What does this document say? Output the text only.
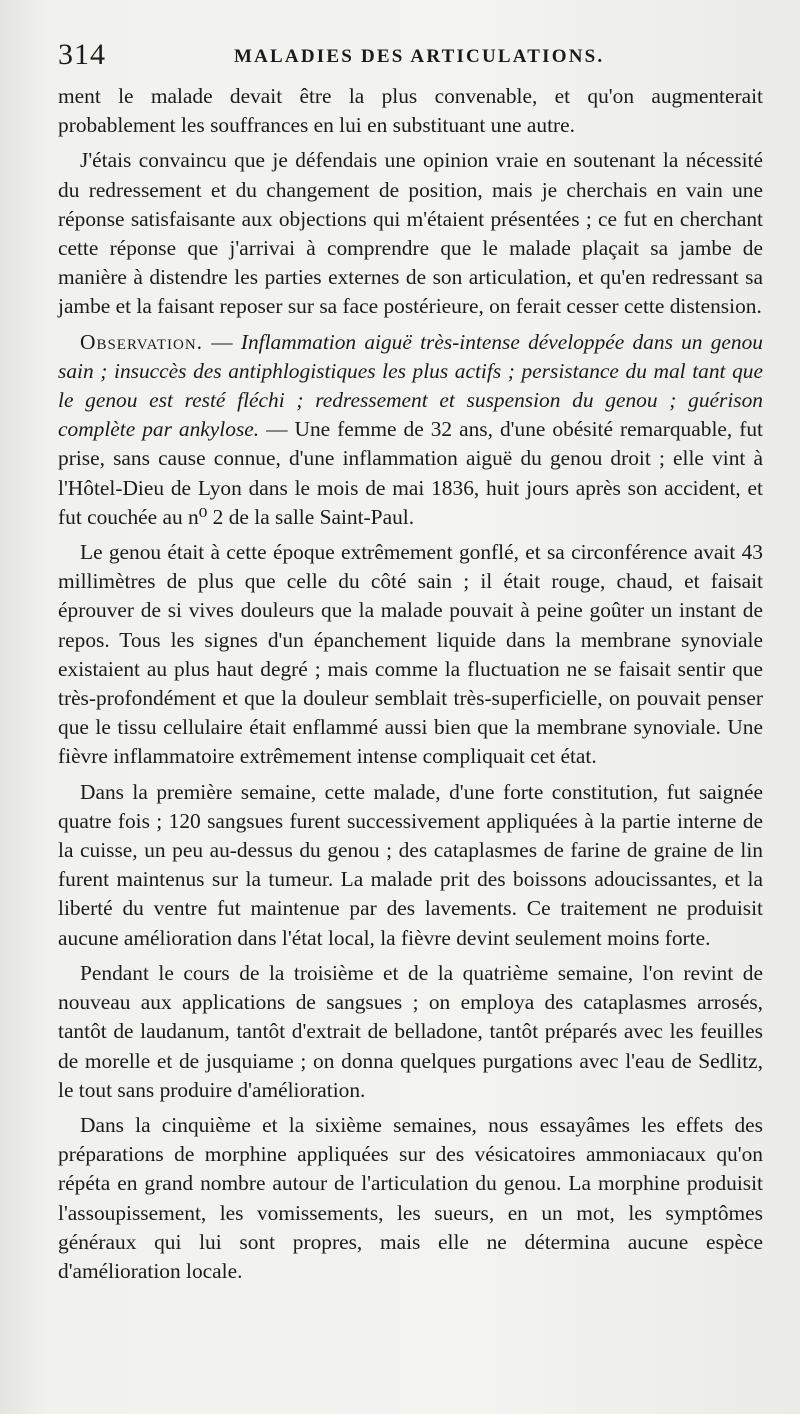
314	MALADIES DES ARTICULATIONS.

ment le malade devait être la plus convenable, et qu'on augmenterait probablement les souffrances en lui en substituant une autre.

J'étais convaincu que je défendais une opinion vraie en soutenant la nécessité du redressement et du changement de position, mais je cherchais en vain une réponse satisfaisante aux objections qui m'étaient présentées ; ce fut en cherchant cette réponse que j'arrivai à comprendre que le malade plaçait sa jambe de manière à distendre les parties externes de son articulation, et qu'en redressant sa jambe et la faisant reposer sur sa face postérieure, on ferait cesser cette distension.

Observation. — Inflammation aiguë très-intense développée dans un genou sain ; insuccès des antiphlogistiques les plus actifs ; persistance du mal tant que le genou est resté fléchi ; redressement et suspension du genou ; guérison complète par ankylose. — Une femme de 32 ans, d'une obésité remarquable, fut prise, sans cause connue, d'une inflammation aiguë du genou droit ; elle vint à l'Hôtel-Dieu de Lyon dans le mois de mai 1836, huit jours après son accident, et fut couchée au n⁰ 2 de la salle Saint-Paul.

Le genou était à cette époque extrêmement gonflé, et sa circonférence avait 43 millimètres de plus que celle du côté sain ; il était rouge, chaud, et faisait éprouver de si vives douleurs que la malade pouvait à peine goûter un instant de repos. Tous les signes d'un épanchement liquide dans la membrane synoviale existaient au plus haut degré ; mais comme la fluctuation ne se faisait sentir que très-profondément et que la douleur semblait très-superficielle, on pouvait penser que le tissu cellulaire était enflammé aussi bien que la membrane synoviale. Une fièvre inflammatoire extrêmement intense compliquait cet état.

Dans la première semaine, cette malade, d'une forte constitution, fut saignée quatre fois ; 120 sangsues furent successivement appliquées à la partie interne de la cuisse, un peu au-dessus du genou ; des cataplasmes de farine de graine de lin furent maintenus sur la tumeur. La malade prit des boissons adoucissantes, et la liberté du ventre fut maintenue par des lavements. Ce traitement ne produisit aucune amélioration dans l'état local, la fièvre devint seulement moins forte.

Pendant le cours de la troisième et de la quatrième semaine, l'on revint de nouveau aux applications de sangsues ; on employa des cataplasmes arrosés, tantôt de laudanum, tantôt d'extrait de belladone, tantôt préparés avec les feuilles de morelle et de jusquiame ; on donna quelques purgations avec l'eau de Sedlitz, le tout sans produire d'amélioration.

Dans la cinquième et la sixième semaines, nous essayâmes les effets des préparations de morphine appliquées sur des vésicatoires ammoniacaux qu'on répéta en grand nombre autour de l'articulation du genou. La morphine produisit l'assoupissement, les vomissements, les sueurs, en un mot, les symptômes généraux qui lui sont propres, mais elle ne détermina aucune espèce d'amélioration locale.
